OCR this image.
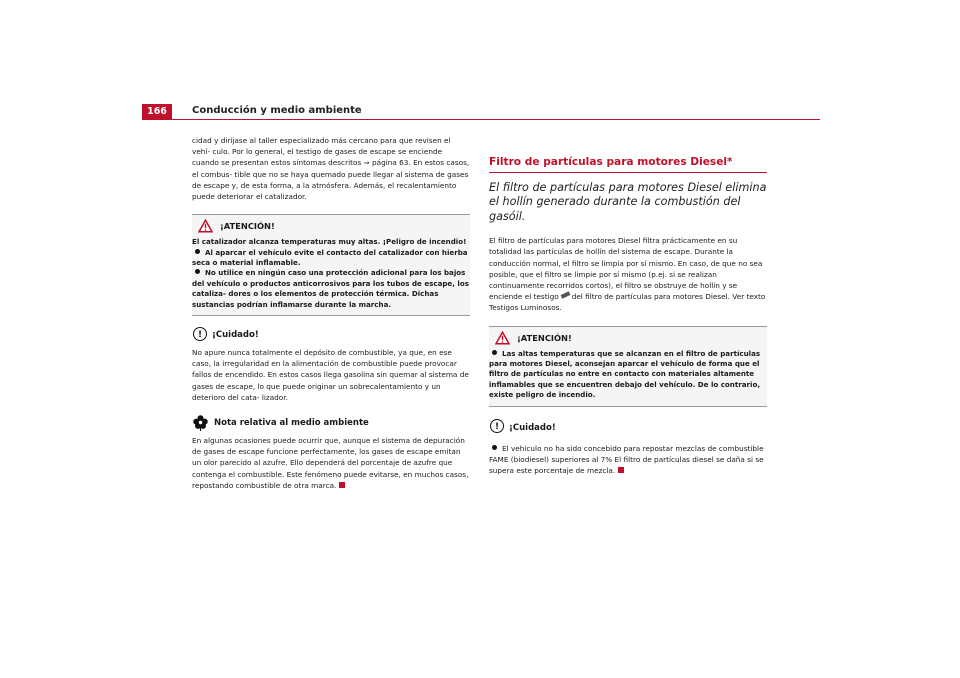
166	Conducción y medio ambiente

cidad y diríjase al taller especializado más cercano para que revisen el vehí- culo. Por lo general, el testigo de gases de escape se enciende cuando se presentan estos síntomas descritos ⇒ página 63. En estos casos, el combus- tible que no se haya quemado puede llegar al sistema de gases de escape y, de esta forma, a la atmósfera. Además, el recalentamiento puede deteriorar el catalizador.

¡ATENCIÓN!

El catalizador alcanza temperaturas muy altas. ¡Peligro de incendio!

Al aparcar el vehículo evite el contacto del catalizador con hierba seca o material inflamable.

No utilice en ningún caso una protección adicional para los bajos del vehículo o productos anticorrosivos para los tubos de escape, los cataliza- dores o los elementos de protección térmica. Dichas sustancias podrían inflamarse durante la marcha.

!	¡Cuidado!

No apure nunca totalmente el depósito de combustible, ya que, en ese caso, la irregularidad en la alimentación de combustible puede provocar fallos de encendido. En estos casos llega gasolina sin quemar al sistema de gases de escape, lo que puede originar un sobrecalentamiento y un deterioro del cata- lizador.

Nota relativa al medio ambiente

En algunas ocasiones puede ocurrir que, aunque el sistema de depuración de gases de escape funcione perfectamente, los gases de escape emitan un olor parecido al azufre. Ello dependerá del porcentaje de azufre que contenga el combustible. Este fenómeno puede evitarse, en muchos casos, repostando combustible de otra marca.

Filtro de partículas para motores Diesel*

El filtro de partículas para motores Diesel elimina el hollín generado durante la combustión del gasóil.

El filtro de partículas para motores Diesel filtra prácticamente en su totalidad las partículas de hollín del sistema de escape. Durante la conducción normal, el filtro se limpia por sí mismo. En caso, de que no sea posible, que el filtro se limpie por sí mismo (p.ej. si se realizan continuamente recorridos cortos), el filtro se obstruye de hollín y se enciende el testigo del filtro de partículas para motores Diesel. Ver texto Testigos Luminosos.

¡ATENCIÓN!

Las altas temperaturas que se alcanzan en el filtro de partículas para motores Diesel, aconsejan aparcar el vehículo de forma que el filtro de partículas no entre en contacto con materiales altamente inflamables que se encuentren debajo del vehículo. De lo contrario, existe peligro de incendio.

!	¡Cuidado!

El vehículo no ha sido concebido para repostar mezclas de combustible FAME (biodiesel) superiores al 7% El filtro de partículas diesel se daña si se supera este porcentaje de mezcla.
